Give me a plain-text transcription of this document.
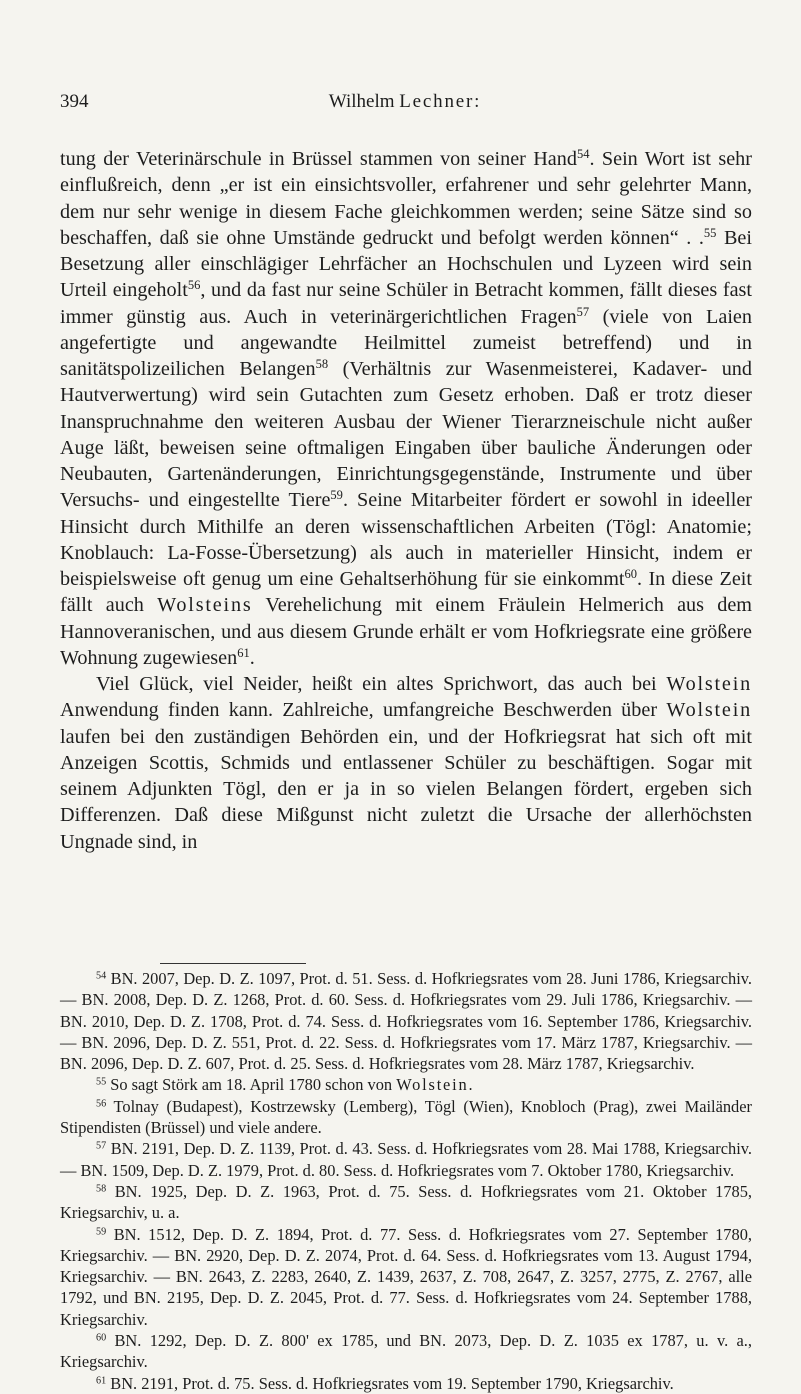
394	Wilhelm Lechner:

tung der Veterinärschule in Brüssel stammen von seiner Hand$^{54}$. Sein Wort ist sehr einflußreich, denn „er ist ein einsichtsvoller, erfahrener und sehr gelehrter Mann, dem nur sehr wenige in diesem Fache gleichkommen werden; seine Sätze sind so beschaffen, daß sie ohne Umstände gedruckt und befolgt werden können“ . .$^{55}$ Bei Besetzung aller einschlägiger Lehrfächer an Hochschulen und Lyzeen wird sein Urteil eingeholt$^{56}$, und da fast nur seine Schüler in Betracht kommen, fällt dieses fast immer günstig aus. Auch in veterinärgerichtlichen Fragen$^{57}$ (viele von Laien angefertigte und angewandte Heilmittel zumeist betreffend) und in sanitätspolizeilichen Belangen$^{58}$ (Verhältnis zur Wasenmeisterei, Kadaver- und Hautverwertung) wird sein Gutachten zum Gesetz erhoben. Daß er trotz dieser Inanspruchnahme den weiteren Ausbau der Wiener Tierarzneischule nicht außer Auge läßt, beweisen seine oftmaligen Eingaben über bauliche Änderungen oder Neubauten, Gartenänderungen, Einrichtungsgegenstände, Instrumente und über Versuchs- und eingestellte Tiere$^{59}$. Seine Mitarbeiter fördert er sowohl in ideeller Hinsicht durch Mithilfe an deren wissenschaftlichen Arbeiten (Tögl: Anatomie; Knoblauch: La-Fosse-Übersetzung) als auch in materieller Hinsicht, indem er beispielsweise oft genug um eine Gehaltserhöhung für sie einkommt$^{60}$. In diese Zeit fällt auch Wolsteins Verehelichung mit einem Fräulein Helmerich aus dem Hannoveranischen, und aus diesem Grunde erhält er vom Hofkriegsrate eine größere Wohnung zugewiesen$^{61}$.

Viel Glück, viel Neider, heißt ein altes Sprichwort, das auch bei Wolstein Anwendung finden kann. Zahlreiche, umfangreiche Beschwerden über Wolstein laufen bei den zuständigen Behörden ein, und der Hofkriegsrat hat sich oft mit Anzeigen Scottis, Schmids und entlassener Schüler zu beschäftigen. Sogar mit seinem Adjunkten Tögl, den er ja in so vielen Belangen fördert, ergeben sich Differenzen. Daß diese Mißgunst nicht zuletzt die Ursache der allerhöchsten Ungnade sind, in

$^{54}$ BN. 2007, Dep. D. Z. 1097, Prot. d. 51. Sess. d. Hofkriegsrates vom 28. Juni 1786, Kriegsarchiv. — BN. 2008, Dep. D. Z. 1268, Prot. d. 60. Sess. d. Hofkriegsrates vom 29. Juli 1786, Kriegsarchiv. — BN. 2010, Dep. D. Z. 1708, Prot. d. 74. Sess. d. Hofkriegsrates vom 16. September 1786, Kriegsarchiv. — BN. 2096, Dep. D. Z. 551, Prot. d. 22. Sess. d. Hofkriegsrates vom 17. März 1787, Kriegsarchiv. — BN. 2096, Dep. D. Z. 607, Prot. d. 25. Sess. d. Hofkriegsrates vom 28. März 1787, Kriegsarchiv.

$^{55}$ So sagt Störk am 18. April 1780 schon von Wolstein.

$^{56}$ Tolnay (Budapest), Kostrzewsky (Lemberg), Tögl (Wien), Knobloch (Prag), zwei Mailänder Stipendisten (Brüssel) und viele andere.

$^{57}$ BN. 2191, Dep. D. Z. 1139, Prot. d. 43. Sess. d. Hofkriegsrates vom 28. Mai 1788, Kriegsarchiv. — BN. 1509, Dep. D. Z. 1979, Prot. d. 80. Sess. d. Hofkriegsrates vom 7. Oktober 1780, Kriegsarchiv.

$^{58}$ BN. 1925, Dep. D. Z. 1963, Prot. d. 75. Sess. d. Hofkriegsrates vom 21. Oktober 1785, Kriegsarchiv, u. a.

$^{59}$ BN. 1512, Dep. D. Z. 1894, Prot. d. 77. Sess. d. Hofkriegsrates vom 27. September 1780, Kriegsarchiv. — BN. 2920, Dep. D. Z. 2074, Prot. d. 64. Sess. d. Hofkriegsrates vom 13. August 1794, Kriegsarchiv. — BN. 2643, Z. 2283, 2640, Z. 1439, 2637, Z. 708, 2647, Z. 3257, 2775, Z. 2767, alle 1792, und BN. 2195, Dep. D. Z. 2045, Prot. d. 77. Sess. d. Hofkriegsrates vom 24. September 1788, Kriegsarchiv.

$^{60}$ BN. 1292, Dep. D. Z. 800' ex 1785, und BN. 2073, Dep. D. Z. 1035 ex 1787, u. v. a., Kriegsarchiv.

$^{61}$ BN. 2191, Prot. d. 75. Sess. d. Hofkriegsrates vom 19. September 1790, Kriegsarchiv.
